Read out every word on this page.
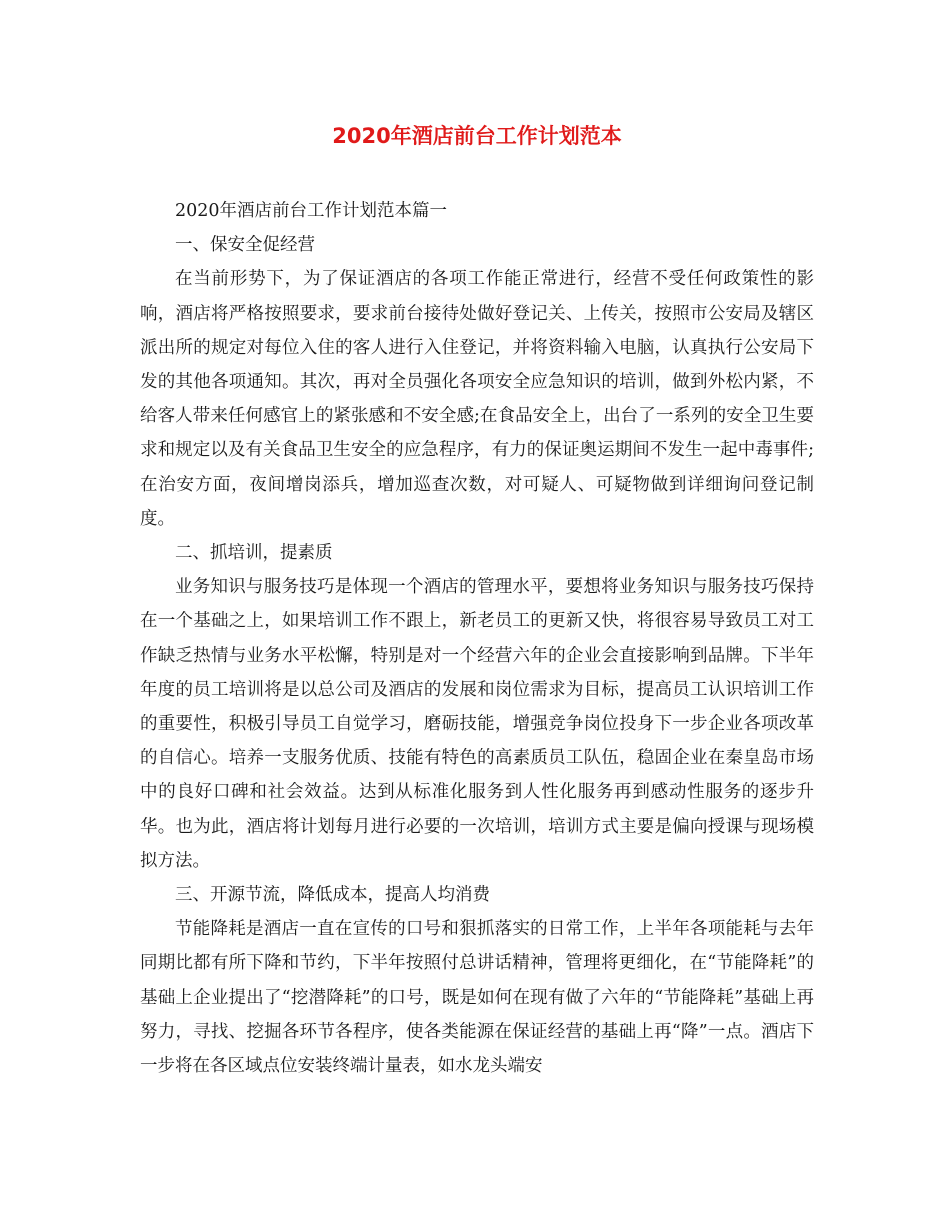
2020年酒店前台工作计划范本

2020年酒店前台工作计划范本篇一

一、保安全促经营

在当前形势下，为了保证酒店的各项工作能正常进行，经营不受任何政策性的影响，酒店将严格按照要求，要求前台接待处做好登记关、上传关，按照市公安局及辖区派出所的规定对每位入住的客人进行入住登记，并将资料输入电脑，认真执行公安局下发的其他各项通知。其次，再对全员强化各项安全应急知识的培训，做到外松内紧，不给客人带来任何感官上的紧张感和不安全感;在食品安全上，出台了一系列的安全卫生要求和规定以及有关食品卫生安全的应急程序，有力的保证奥运期间不发生一起中毒事件;在治安方面，夜间增岗添兵，增加巡查次数，对可疑人、可疑物做到详细询问登记制度。

二、抓培训，提素质

业务知识与服务技巧是体现一个酒店的管理水平，要想将业务知识与服务技巧保持在一个基础之上，如果培训工作不跟上，新老员工的更新又快，将很容易导致员工对工作缺乏热情与业务水平松懈，特别是对一个经营六年的企业会直接影响到品牌。下半年年度的员工培训将是以总公司及酒店的发展和岗位需求为目标，提高员工认识培训工作的重要性，积极引导员工自觉学习，磨砺技能，增强竞争岗位投身下一步企业各项改革的自信心。培养一支服务优质、技能有特色的高素质员工队伍，稳固企业在秦皇岛市场中的良好口碑和社会效益。达到从标准化服务到人性化服务再到感动性服务的逐步升华。也为此，酒店将计划每月进行必要的一次培训，培训方式主要是偏向授课与现场模拟方法。

三、开源节流，降低成本，提高人均消费

节能降耗是酒店一直在宣传的口号和狠抓落实的日常工作，上半年各项能耗与去年同期比都有所下降和节约，下半年按照付总讲话精神，管理将更细化，在“节能降耗”的基础上企业提出了“挖潜降耗”的口号，既是如何在现有做了六年的“节能降耗”基础上再努力，寻找、挖掘各环节各程序，使各类能源在保证经营的基础上再“降”一点。酒店下一步将在各区域点位安装终端计量表，如水龙头端安
